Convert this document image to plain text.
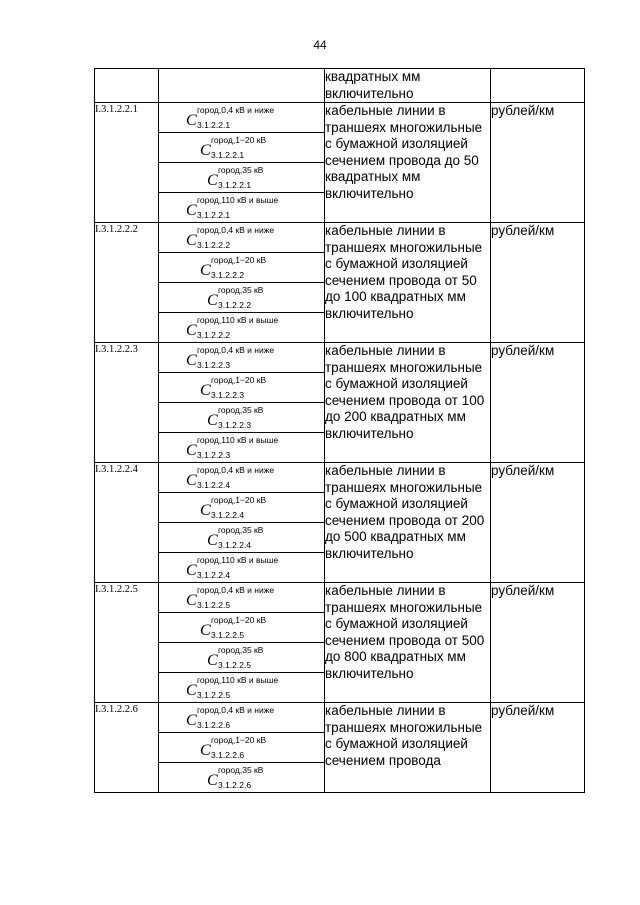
44
		квадратных мм включительно	
I.3.1.2.2.1	C
город,0,4 кВ и ниже
3.1.2.2.1	кабельные линии в траншеях многожильные с бумажной изоляцией сечением провода до 50 квадратных мм включительно	рублей/км

	C
город,1−20 кВ
3.1.2.2.1		

	C
город,35 кВ
3.1.2.2.1		

	C
город,110 кВ и выше
3.1.2.2.1		

I.3.1.2.2.2	C
город,0,4 кВ и ниже
3.1.2.2.2	кабельные линии в траншеях многожильные с бумажной изоляцией сечением провода от 50 до 100 квадратных мм включительно	рублей/км

	C
город,1−20 кВ
3.1.2.2.2		

	C
город,35 кВ
3.1.2.2.2		

	C
город,110 кВ и выше
3.1.2.2.2		

I.3.1.2.2.3	C
город,0,4 кВ и ниже
3.1.2.2.3	кабельные линии в траншеях многожильные с бумажной изоляцией сечением провода от 100 до 200 квадратных мм включительно	рублей/км

	C
город,1−20 кВ
3.1.2.2.3		

	C
город,35 кВ
3.1.2.2.3		

	C
город,110 кВ и выше
3.1.2.2.3		

I.3.1.2.2.4	C
город,0,4 кВ и ниже
3.1.2.2.4	кабельные линии в траншеях многожильные с бумажной изоляцией сечением провода от 200 до 500 квадратных мм включительно	рублей/км

	C
город,1−20 кВ
3.1.2.2.4		

	C
город,35 кВ
3.1.2.2.4		

	C
город,110 кВ и выше
3.1.2.2.4		

I.3.1.2.2.5	C
город,0,4 кВ и ниже
3.1.2.2.5	кабельные линии в траншеях многожильные с бумажной изоляцией сечением провода от 500 до 800 квадратных мм включительно	рублей/км

	C
город,1−20 кВ
3.1.2.2.5		

	C
город,35 кВ
3.1.2.2.5		

	C
город,110 кВ и выше
3.1.2.2.5		

I.3.1.2.2.6	C
город,0,4 кВ и ниже
3.1.2.2.6	кабельные линии в траншеях многожильные с бумажной изоляцией сечением провода	рублей/км

	C
город,1−20 кВ
3.1.2.2.6		

	C
город,35 кВ
3.1.2.2.6		
